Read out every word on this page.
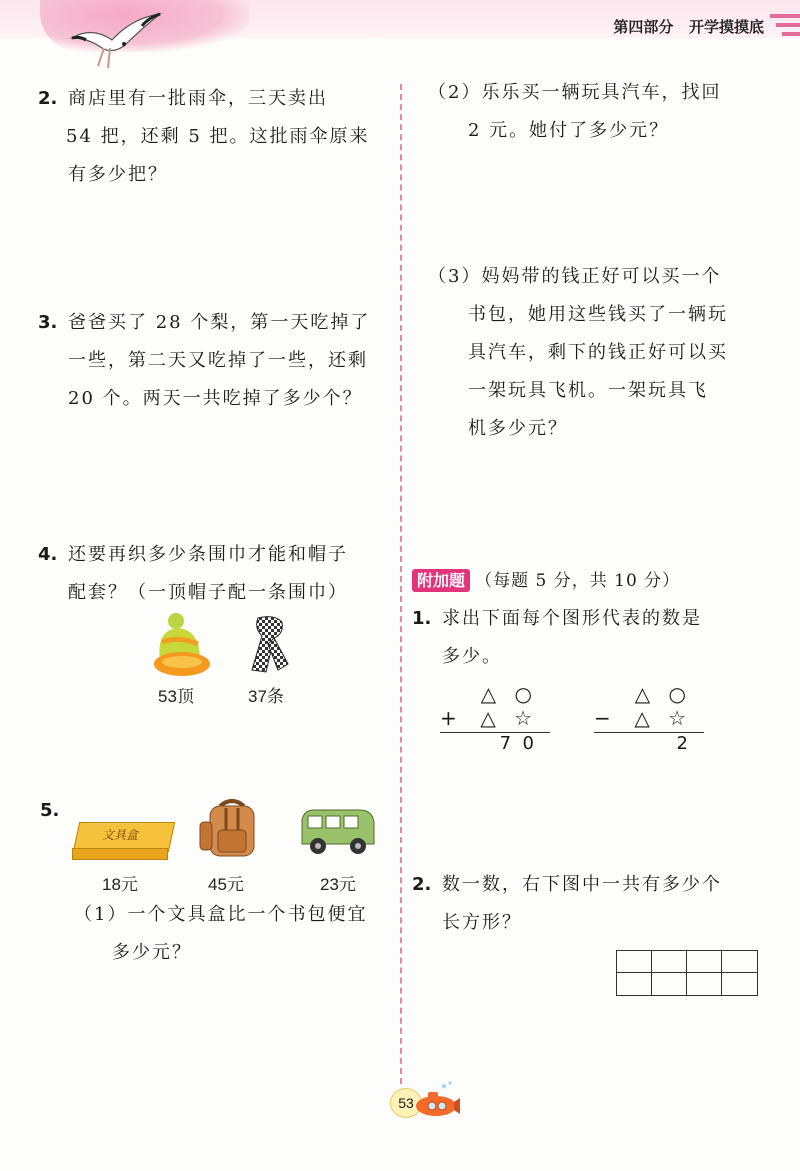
第四部分   开学摸摸底
2. 商店里有一批雨伞，三天卖出
54 把，还剩 5 把。这批雨伞原来
有多少把？
3. 爸爸买了 28 个梨，第一天吃掉了
一些，第二天又吃掉了一些，还剩
20 个。两天一共吃掉了多少个？
4. 还要再织多少条围巾才能和帽子
配套？（一顶帽子配一条围巾）
53顶	37条
5.
文具盒
18元	45元	23元
（1）一个文具盒比一个书包便宜
多少元？
（2）乐乐买一辆玩具汽车，找回
2 元。她付了多少元？
（3）妈妈带的钱正好可以买一个
书包，她用这些钱买了一辆玩
具汽车，剩下的钱正好可以买
一架玩具飞机。一架玩具飞
机多少元？
附加题 （每题 5 分，共 10 分）
1. 求出下面每个图形代表的数是
多少。
△ ○
+	△ ☆
7  0
△ ○
−	△ ☆
2
2. 数一数，右下图中一共有多少个
长方形？
53
